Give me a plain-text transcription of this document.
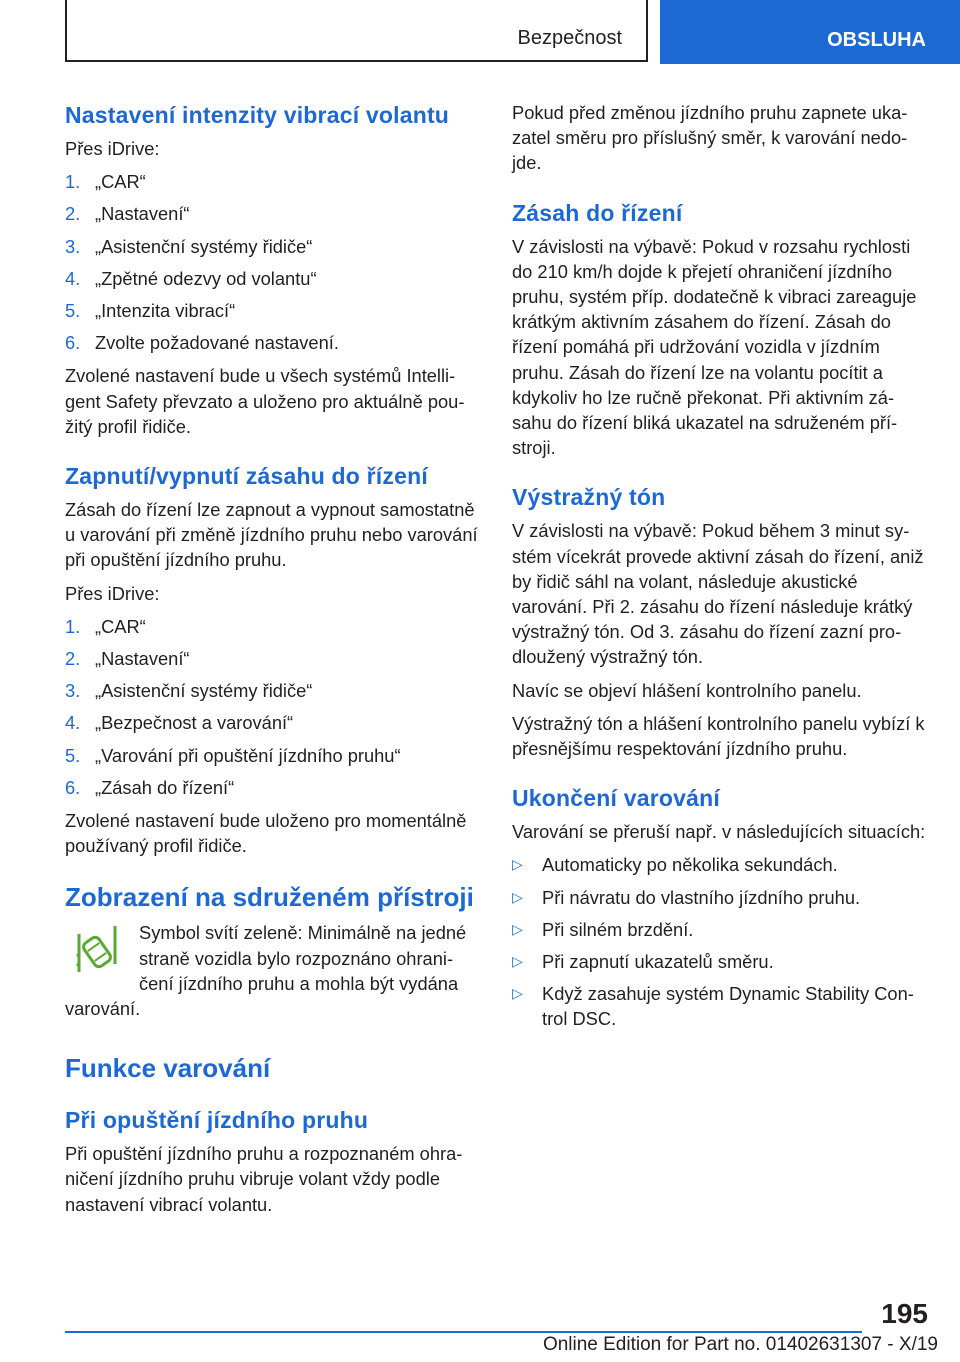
Bezpečnost	OBSLUHA
Nastavení intenzity vibrací volantu

Přes iDrive:

1. „CAR“
2. „Nastavení“
3. „Asistenční systémy řidiče“
4. „Zpětné odezvy od volantu“
5. „Intenzita vibrací“
6. Zvolte požadované nastavení.

Zvolené nastavení bude u všech systémů Intelligent Safety převzato a uloženo pro aktuálně použitý profil řidiče.

Zapnutí/vypnutí zásahu do řízení

Zásah do řízení lze zapnout a vypnout samostatně u varování při změně jízdního pruhu nebo varování při opuštění jízdního pruhu.

Přes iDrive:

1. „CAR“
2. „Nastavení“
3. „Asistenční systémy řidiče“
4. „Bezpečnost a varování“
5. „Varování při opuštění jízdního pruhu“
6. „Zásah do řízení“

Zvolené nastavení bude uloženo pro momentálně používaný profil řidiče.

Zobrazení na sdruženém přístroji

Symbol svítí zeleně: Minimálně na jedné straně vozidla bylo rozpoznáno ohraničení jízdního pruhu a mohla být vydána varování.

Funkce varování
Při opuštění jízdního pruhu

Při opuštění jízdního pruhu a rozpoznaném ohraničení jízdního pruhu vibruje volant vždy podle nastavení vibrací volantu.

Pokud před změnou jízdního pruhu zapnete ukazatel směru pro příslušný směr, k varování nedojde.

Zásah do řízení

V závislosti na výbavě: Pokud v rozsahu rychlosti do 210 km/h dojde k přejetí ohraničení jízdního pruhu, systém příp. dodatečně k vibraci zareaguje krátkým aktivním zásahem do řízení. Zásah do řízení pomáhá při udržování vozidla v jízdním pruhu. Zásah do řízení lze na volantu pocítit a kdykoliv ho lze ručně překonat. Při aktivním zásahu do řízení bliká ukazatel na sdruženém přístroji.

Výstražný tón

V závislosti na výbavě: Pokud během 3 minut systém vícekrát provede aktivní zásah do řízení, aniž by řidič sáhl na volant, následuje akustické varování. Při 2. zásahu do řízení následuje krátký výstražný tón. Od 3. zásahu do řízení zazní prodloužený výstražný tón.

Navíc se objeví hlášení kontrolního panelu.

Výstražný tón a hlášení kontrolního panelu vybízí k přesnějšímu respektování jízdního pruhu.

Ukončení varování

Varování se přeruší např. v následujících situacích:

▷	Automaticky po několika sekundách.
▷	Při návratu do vlastního jízdního pruhu.
▷	Při silném brzdění.
▷	Při zapnutí ukazatelů směru.
▷	Když zasahuje systém Dynamic Stability Control DSC.
195
Online Edition for Part no. 01402631307 - X/19
